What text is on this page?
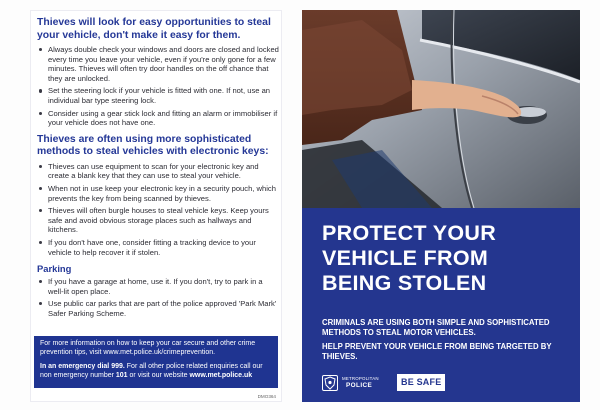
Thieves will look for easy opportunities to steal your vehicle, don't make it easy for them.
Always double check your windows and doors are closed and locked every time you leave your vehicle, even if you're only gone for a few minutes. Thieves will often try door handles on the off chance that they are unlocked.
Set the steering lock if your vehicle is fitted with one. If not, use an individual bar type steering lock.
Consider using a gear stick lock and fitting an alarm or immobiliser if your vehicle does not have one.
Thieves are often using more sophisticated methods to steal vehicles with electronic keys:
Thieves can use equipment to scan for your electronic key and create a blank key that they can use to steal your vehicle.
When not in use keep your electronic key in a security pouch, which prevents the key from being scanned by thieves.
Thieves will often burgle houses to steal vehicle keys. Keep yours safe and avoid obvious storage places such as hallways and kitchens.
If you don't have one, consider fitting a tracking device to your vehicle to help recover it if stolen.
Parking
If you have a garage at home, use it. If you don't, try to park in a well-lit open place.
Use public car parks that are part of the police approved 'Park Mark' Safer Parking Scheme.
For more information on how to keep your car secure and other crime prevention tips, visit www.met.police.uk/crimeprevention.
In an emergency dial 999. For all other police related enquiries call our non emergency number 101 or visit our website www.met.police.uk
DMO364
PROTECT YOUR
VEHICLE FROM
BEING STOLEN
CRIMINALS ARE USING BOTH SIMPLE AND SOPHISTICATED METHODS TO STEAL MOTOR VEHICLES.
HELP PREVENT YOUR VEHICLE FROM BEING TARGETED BY THIEVES.
METROPOLITAN
POLICE	BE SAFE
